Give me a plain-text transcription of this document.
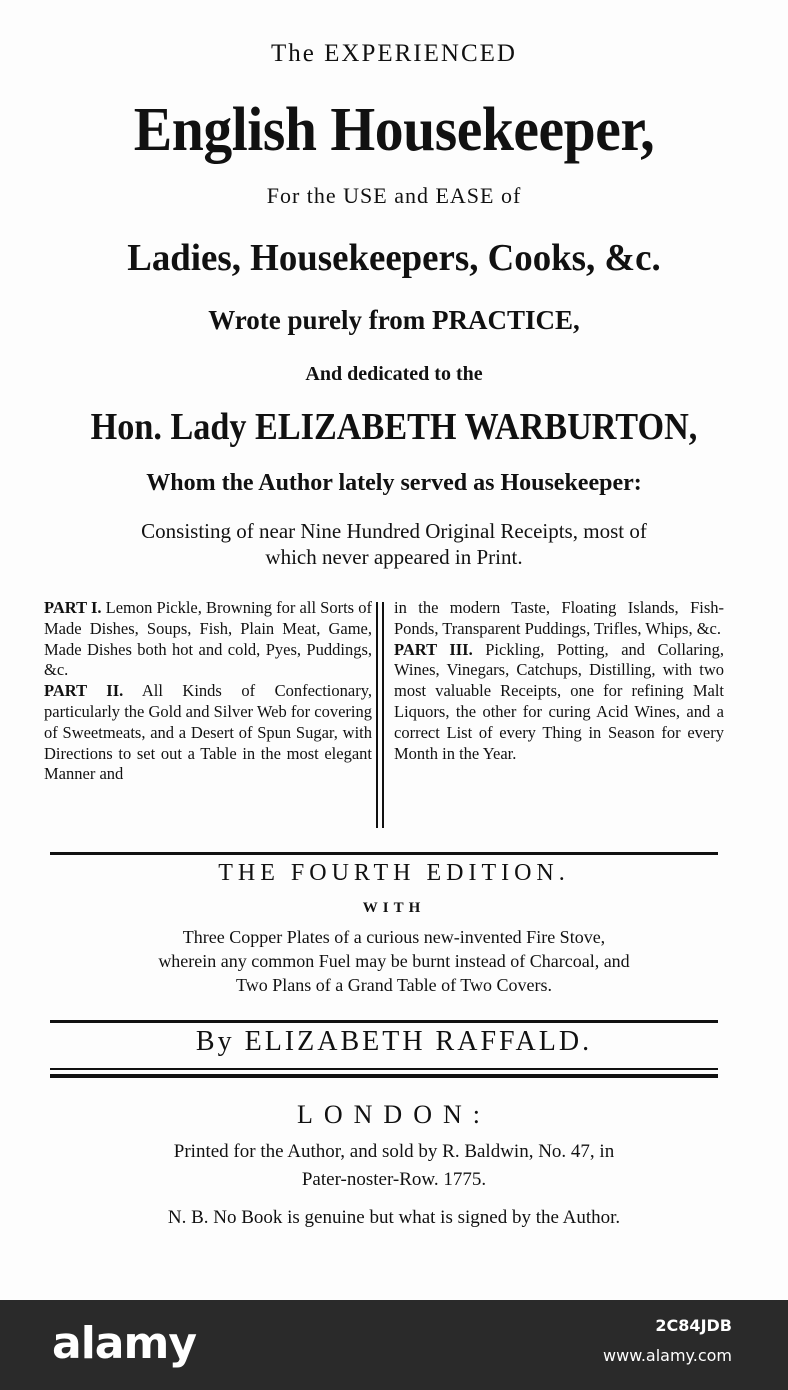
The EXPERIENCED
English Housekeeper,
For the USE and EASE of
Ladies, Housekeepers, Cooks, &c.
Wrote purely from PRACTICE,
And dedicated to the
Hon. Lady ELIZABETH WARBURTON,
Whom the Author lately served as Housekeeper:
Consisting of near Nine Hundred Original Receipts, most of
which never appeared in Print.

PART I. Lemon Pickle, Browning for all Sorts of Made Dishes, Soups, Fish, Plain Meat, Game, Made Dishes both hot and cold, Pyes, Puddings, &c.

PART II. All Kinds of Confectionary, particularly the Gold and Silver Web for covering of Sweetmeats, and a Desert of Spun Sugar, with Directions to set out a Table in the most elegant Manner and

in the modern Taste, Floating Islands, Fish-Ponds, Transparent Puddings, Trifles, Whips, &c.

PART III. Pickling, Potting, and Collaring, Wines, Vinegars, Catchups, Distilling, with two most valuable Receipts, one for refining Malt Liquors, the other for curing Acid Wines, and a correct List of every Thing in Season for every Month in the Year.

THE FOURTH EDITION.
WITH
Three Copper Plates of a curious new-invented Fire Stove,
wherein any common Fuel may be burnt instead of Charcoal, and
Two Plans of a Grand Table of Two Covers.
By ELIZABETH RAFFALD.
LONDON:
Printed for the Author, and sold by R. Baldwin, No. 47, in
Pater-noster-Row. 1775.
N. B. No Book is genuine but what is signed by the Author.
alamy	2C84JDB
www.alamy.com
